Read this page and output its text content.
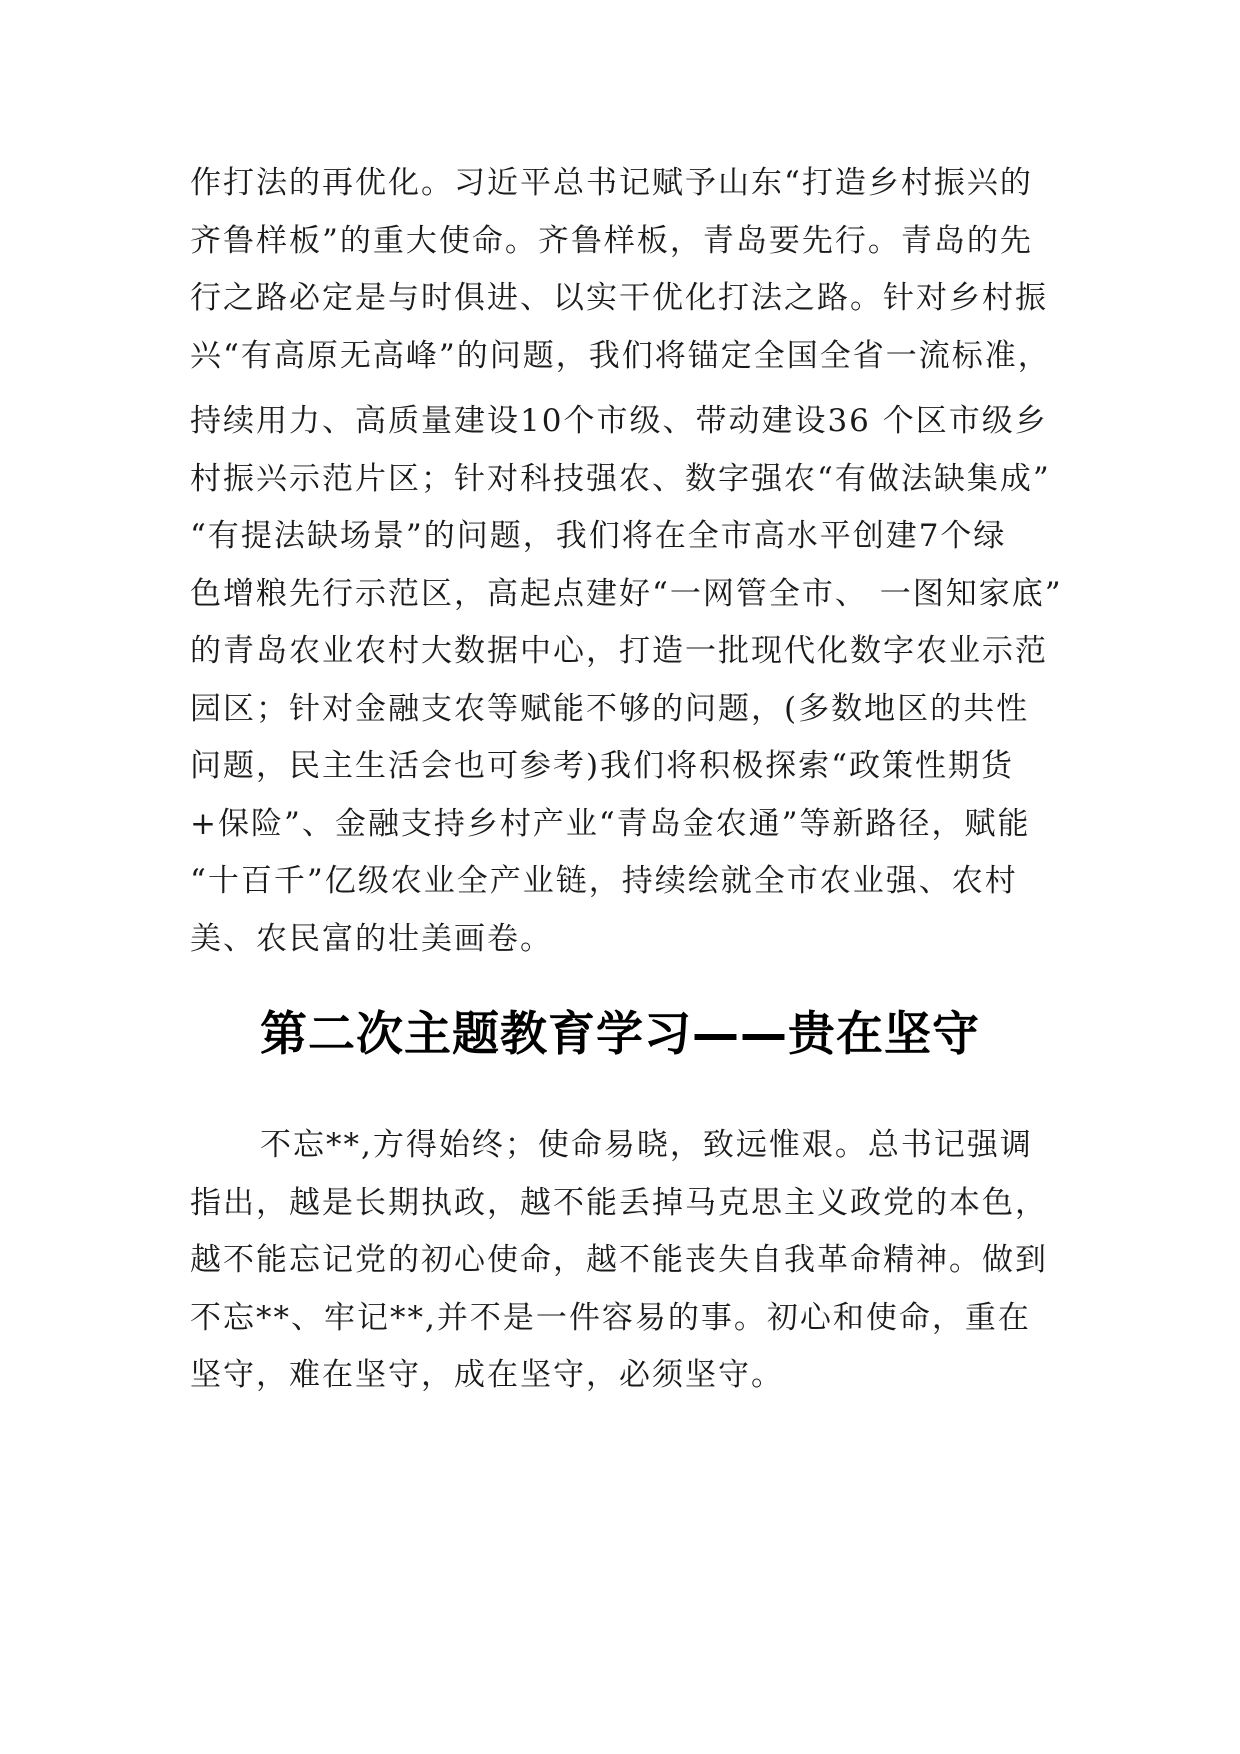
作打法的再优化。习近平总书记赋予山东“打造乡村振兴的
齐鲁样板”的重大使命。齐鲁样板，青岛要先行。青岛的先
行之路必定是与时俱进、以实干优化打法之路。针对乡村振
兴“有高原无高峰”的问题，我们将锚定全国全省一流标准，
持续用力、高质量建设10个市级、带动建设36 个区市级乡
村振兴示范片区；针对科技强农、数字强农“有做法缺集成”
“有提法缺场景”的问题，我们将在全市高水平创建7个绿
色增粮先行示范区，高起点建好“一网管全市、 一图知家底”
的青岛农业农村大数据中心，打造一批现代化数字农业示范
园区；针对金融支农等赋能不够的问题，(多数地区的共性
问题，民主生活会也可参考)我们将积极探索“政策性期货
+保险”、金融支持乡村产业“青岛金农通”等新路径，赋能
“十百千”亿级农业全产业链，持续绘就全市农业强、农村
美、农民富的壮美画卷。

第二次主题教育学习——贵在坚守

不忘**,方得始终；使命易晓，致远惟艰。总书记强调
指出，越是长期执政，越不能丢掉马克思主义政党的本色，
越不能忘记党的初心使命，越不能丧失自我革命精神。做到
不忘**、牢记**,并不是一件容易的事。初心和使命，重在
坚守，难在坚守，成在坚守，必须坚守。
